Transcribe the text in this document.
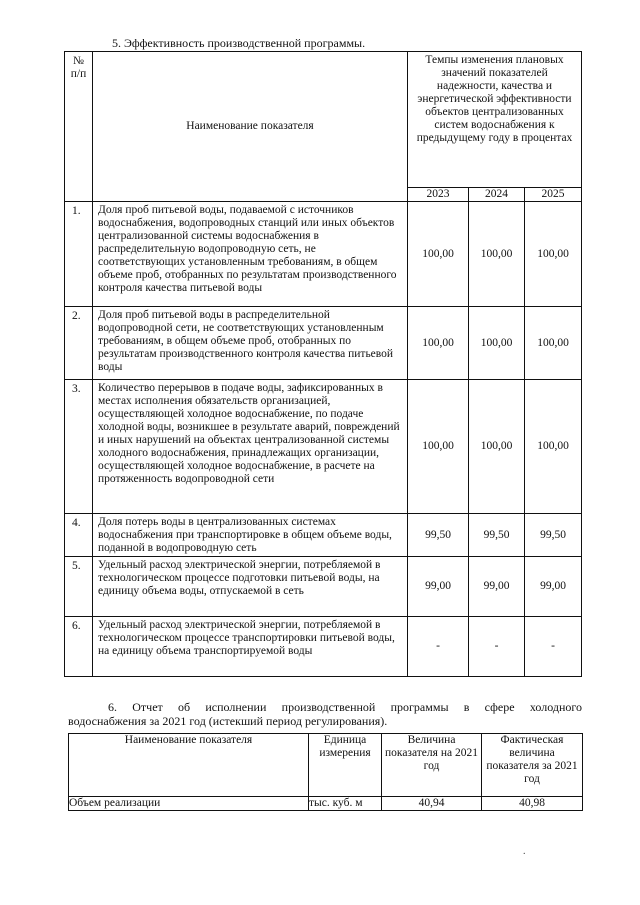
5. Эффективность производственной программы.
№
п/п	Наименование показателя	Темпы изменения плановых значений показателей надежности, качества и энергетической эффективности объектов централизованных систем водоснабжения к предыдущему году в процентах		
		2023	2024	2025
1.	Доля проб питьевой воды, подаваемой с источников водоснабжения, водопроводных станций или иных объектов централизованной системы водоснабжения в распределительную водопроводную сеть, не соответствующих установленным требованиям, в общем объеме проб, отобранных по результатам производственного контроля качества питьевой воды	100,00	100,00	100,00
2.	Доля проб питьевой воды в распределительной водопроводной сети, не соответствующих установленным требованиям, в общем объеме проб, отобранных по результатам производственного контроля качества питьевой воды	100,00	100,00	100,00
3.	Количество перерывов в подаче воды, зафиксированных в местах исполнения обязательств организацией, осуществляющей холодное водоснабжение, по подаче холодной воды, возникшее в результате аварий, повреждений и иных нарушений на объектах централизованной системы холодного водоснабжения, принадлежащих организации, осуществляющей холодное водоснабжение, в расчете на протяженность водопроводной сети	100,00	100,00	100,00
4.	Доля потерь воды в централизованных системах водоснабжения при транспортировке в общем объеме воды, поданной в водопроводную сеть	99,50	99,50	99,50
5.	Удельный расход электрической энергии, потребляемой в технологическом процессе подготовки питьевой воды, на единицу объема воды, отпускаемой в сеть	99,00	99,00	99,00
6.	Удельный расход электрической энергии, потребляемой в технологическом процессе транспортировки питьевой воды, на единицу объема транспортируемой воды	-	-	-

6. Отчет об исполнении производственной программы в сфере холодного

водоснабжения за 2021 год (истекший период регулирования).

Наименование показателя	Единица измерения	Величина показателя на 2021 год	Фактическая величина показателя за 2021 год
Объем реализации	тыс. куб. м	40,94	40,98
.
